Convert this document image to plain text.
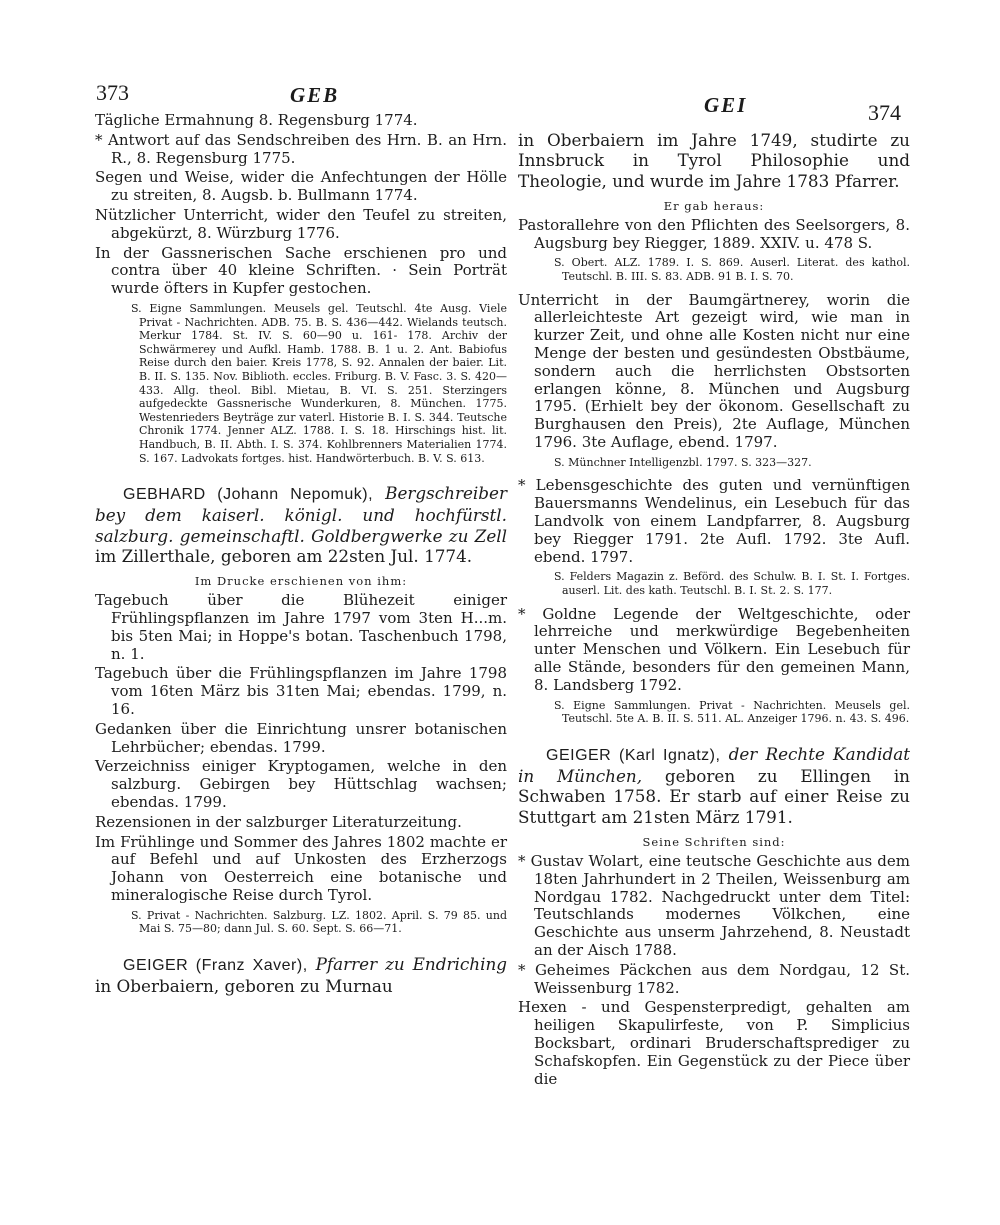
373	GEB	GEI	374

Tägliche Ermahnung 8. Regensburg 1774.

* Antwort auf das Sendschreiben des Hrn. B. an Hrn. R., 8. Regensburg 1775.

Segen und Weise, wider die Anfechtungen der Hölle zu streiten, 8. Augsb. b. Bullmann 1774.

Nützlicher Unterricht, wider den Teufel zu streiten, abgekürzt, 8. Würzburg 1776.

In der Gassnerischen Sache erschienen pro und contra über 40 kleine Schriften. · Sein Porträt wurde öfters in Kupfer gestochen.

S. Eigne Sammlungen. Meusels gel. Teutschl. 4te Ausg. Viele Privat - Nachrichten. ADB. 75. B. S. 436—442. Wielands teutsch. Merkur 1784. St. IV. S. 60—90 u. 161- 178. Archiv der Schwärmerey und Aufkl. Hamb. 1788. B. 1 u. 2. Ant. Babiofus Reise durch den baier. Kreis 1778, S. 92. Annalen der baier. Lit. B. II. S. 135. Nov. Biblioth. eccles. Friburg. B. V. Fasc. 3. S. 420—433. Allg. theol. Bibl. Mietau, B. VI. S. 251. Sterzingers aufgedeckte Gassnerische Wunderkuren, 8. München. 1775. Westenrieders Beyträge zur vaterl. Historie B. I. S. 344. Teutsche Chronik 1774. Jenner ALZ. 1788. I. S. 18. Hirschings hist. lit. Handbuch, B. II. Abth. I. S. 374. Kohlbrenners Materialien 1774. S. 167. Ladvokats fortges. hist. Handwörterbuch. B. V. S. 613.

GEBHARD (Johann Nepomuk), Bergschreiber bey dem kaiserl. königl. und hochfürstl. salzburg. gemeinschaftl. Goldbergwerke zu Zell im Zillerthale, geboren am 22sten Jul. 1774.

Im Drucke erschienen von ihm:

Tagebuch über die Blühezeit einiger Frühlingspflanzen im Jahre 1797 vom 3ten H...m. bis 5ten Mai; in Hoppe's botan. Taschenbuch 1798, n. 1.

Tagebuch über die Frühlingspflanzen im Jahre 1798 vom 16ten März bis 31ten Mai; ebendas. 1799, n. 16.

Gedanken über die Einrichtung unsrer botanischen Lehrbücher; ebendas. 1799.

Verzeichniss einiger Kryptogamen, welche in den salzburg. Gebirgen bey Hüttschlag wachsen; ebendas. 1799.

Rezensionen in der salzburger Literaturzeitung.

Im Frühlinge und Sommer des Jahres 1802 machte er auf Befehl und auf Unkosten des Erzherzogs Johann von Oesterreich eine botanische und mineralogische Reise durch Tyrol.

S. Privat - Nachrichten. Salzburg. LZ. 1802. April. S. 79 85. und Mai S. 75—80; dann Jul. S. 60. Sept. S. 66—71.

GEIGER (Franz Xaver), Pfarrer zu Endriching in Oberbaiern, geboren zu Murnau

in Oberbaiern im Jahre 1749, studirte zu Innsbruck in Tyrol Philosophie und Theologie, und wurde im Jahre 1783 Pfarrer.

Er gab heraus:

Pastorallehre von den Pflichten des Seelsorgers, 8. Augsburg bey Riegger, 1889. XXIV. u. 478 S.

S. Obert. ALZ. 1789. I. S. 869. Auserl. Literat. des kathol. Teutschl. B. III. S. 83. ADB. 91 B. I. S. 70.

Unterricht in der Baumgärtnerey, worin die allerleichteste Art gezeigt wird, wie man in kurzer Zeit, und ohne alle Kosten nicht nur eine Menge der besten und gesündesten Obstbäume, sondern auch die herrlichsten Obstsorten erlangen könne, 8. München und Augsburg 1795. (Erhielt bey der ökonom. Gesellschaft zu Burghausen den Preis), 2te Auflage, München 1796. 3te Auflage, ebend. 1797.

S. Münchner Intelligenzbl. 1797. S. 323—327.

* Lebensgeschichte des guten und vernünftigen Bauersmanns Wendelinus, ein Lesebuch für das Landvolk von einem Landpfarrer, 8. Augsburg bey Riegger 1791. 2te Aufl. 1792. 3te Aufl. ebend. 1797.

S. Felders Magazin z. Beförd. des Schulw. B. I. St. I. Fortges. auserl. Lit. des kath. Teutschl. B. I. St. 2. S. 177.

* Goldne Legende der Weltgeschichte, oder lehrreiche und merkwürdige Begebenheiten unter Menschen und Völkern. Ein Lesebuch für alle Stände, besonders für den gemeinen Mann, 8. Landsberg 1792.

S. Eigne Sammlungen. Privat - Nachrichten. Meusels gel. Teutschl. 5te A. B. II. S. 511. AL. Anzeiger 1796. n. 43. S. 496.

GEIGER (Karl Ignatz), der Rechte Kandidat in München, geboren zu Ellingen in Schwaben 1758. Er starb auf einer Reise zu Stuttgart am 21sten März 1791.

Seine Schriften sind:

* Gustav Wolart, eine teutsche Geschichte aus dem 18ten Jahrhundert in 2 Theilen, Weissenburg am Nordgau 1782. Nachgedruckt unter dem Titel: Teutschlands modernes Völkchen, eine Geschichte aus unserm Jahrzehend, 8. Neustadt an der Aisch 1788.

* Geheimes Päckchen aus dem Nordgau, 12 St. Weissenburg 1782.

Hexen - und Gespensterpredigt, gehalten am heiligen Skapulirfeste, von P. Simplicius Bocksbart, ordinari Bruderschaftsprediger zu Schafskopfen. Ein Gegenstück zu der Piece über die
